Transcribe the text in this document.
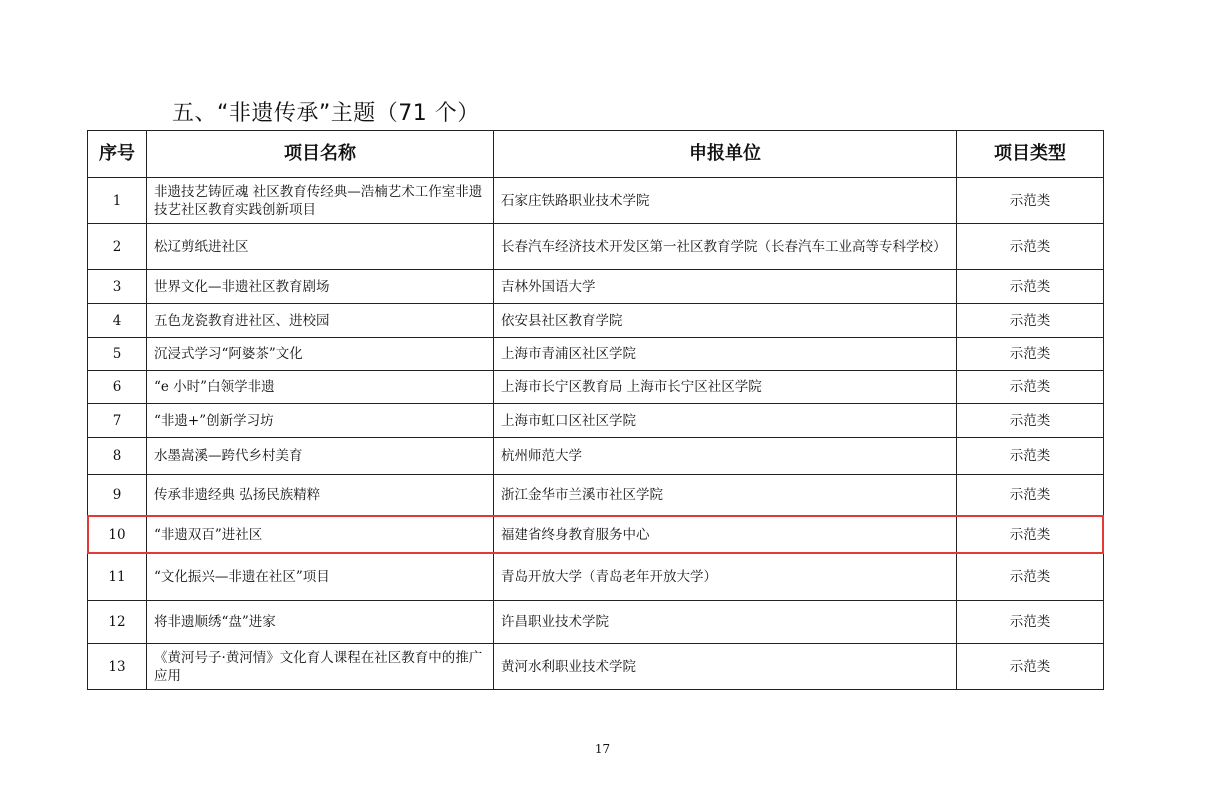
五、“非遗传承”主题（71 个）
序号	项目名称	申报单位	项目类型
1	非遗技艺铸匠魂 社区教育传经典—浩楠艺术工作室非遗技艺社区教育实践创新项目	石家庄铁路职业技术学院	示范类
2	松辽剪纸进社区	长春汽车经济技术开发区第一社区教育学院（长春汽车工业高等专科学校）	示范类
3	世界文化—非遗社区教育剧场	吉林外国语大学	示范类
4	五色龙瓷教育进社区、进校园	依安县社区教育学院	示范类
5	沉浸式学习“阿婆茶”文化	上海市青浦区社区学院	示范类
6	“e 小时”白领学非遗	上海市长宁区教育局 上海市长宁区社区学院	示范类
7	“非遗+”创新学习坊	上海市虹口区社区学院	示范类
8	水墨嵩溪—跨代乡村美育	杭州师范大学	示范类
9	传承非遗经典 弘扬民族精粹	浙江金华市兰溪市社区学院	示范类
10	“非遗双百”进社区	福建省终身教育服务中心	示范类
11	“文化振兴—非遗在社区”项目	青岛开放大学（青岛老年开放大学）	示范类
12	将非遗顺绣“盘”进家	许昌职业技术学院	示范类
13	《黄河号子·黄河情》文化育人课程在社区教育中的推广应用	黄河水利职业技术学院	示范类
17
